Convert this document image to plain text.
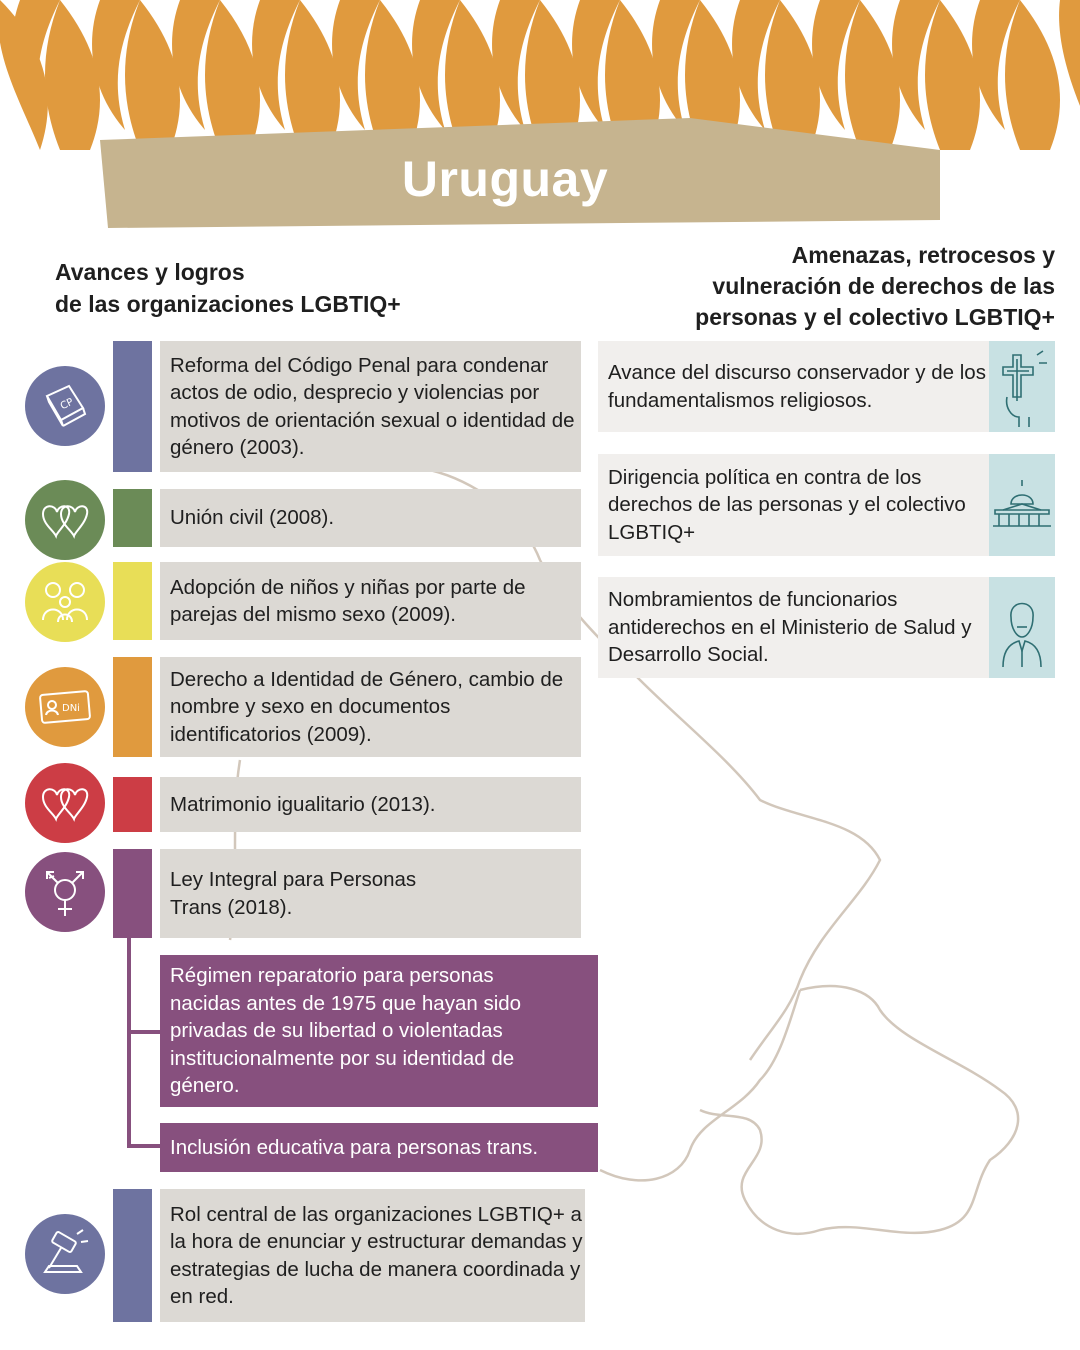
Uruguay
Avances y logros
de las organizaciones LGBTIQ+
Amenazas, retrocesos y
vulneración de derechos de las
personas y el colectivo LGBTIQ+
CP
Reforma del Código Penal para condenar actos de odio, desprecio y violencias por motivos de orientación sexual o identidad de género (2003).
Unión civil (2008).
Adopción de niños y niñas por parte de parejas del mismo sexo (2009).
DNi
Derecho a Identidad de Género, cambio de nombre y sexo en documentos identificatorios (2009).
Matrimonio igualitario (2013).
Ley Integral para Personas Trans (2018).
Régimen reparatorio para personas nacidas antes de 1975 que hayan sido privadas de su libertad o violentadas institucionalmente por su identidad de género.
Inclusión educativa para personas trans.
Rol central de las organizaciones LGBTIQ+ a la hora de enunciar y estructurar demandas y estrategias de lucha de manera coordinada y en red.
Avance del discurso conservador y de los fundamentalismos religiosos.
Dirigencia política en contra de los derechos de las personas y el colectivo LGBTIQ+
Nombramientos de funcionarios antiderechos en el Ministerio de Salud y Desarrollo Social.
